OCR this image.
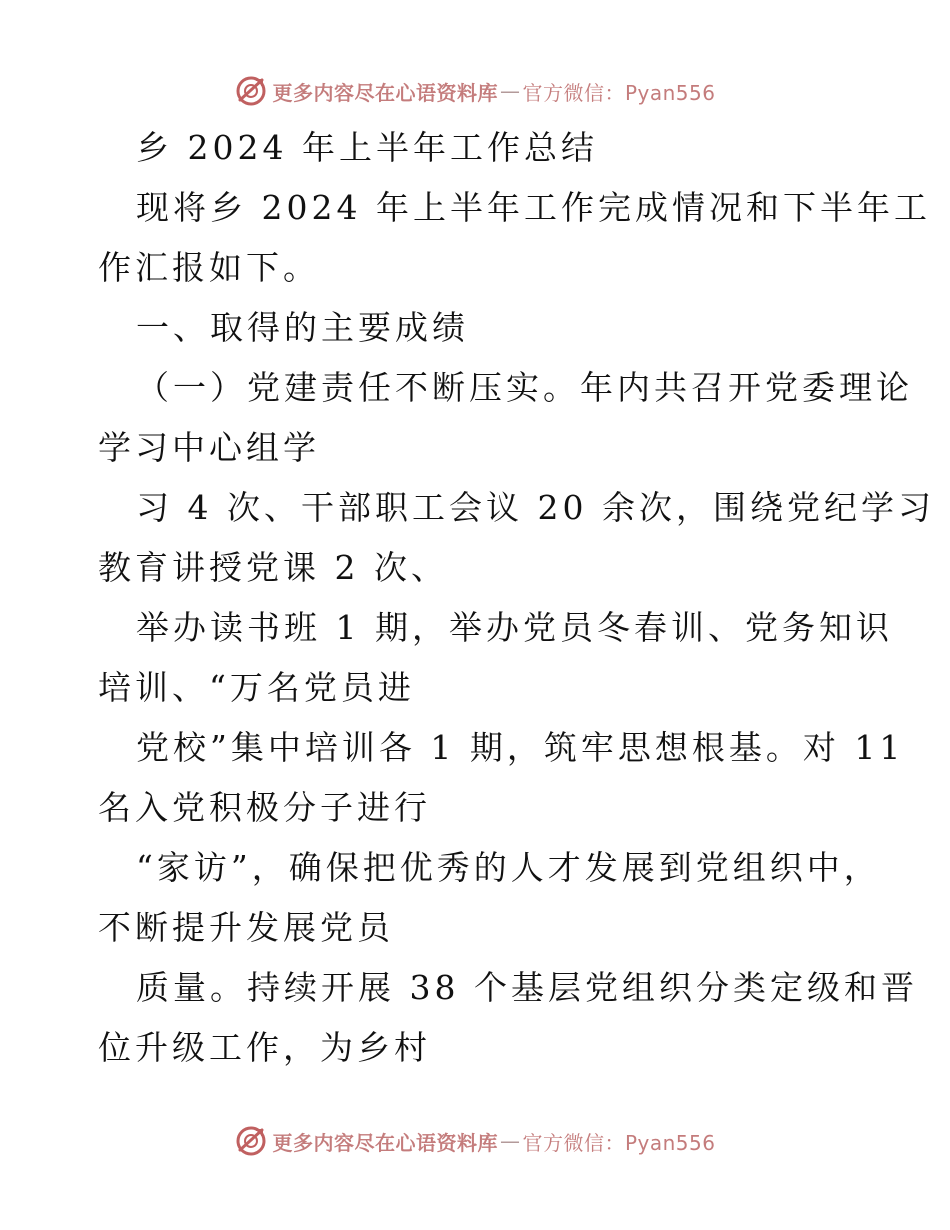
更多内容尽在心语资料库 — 官方微信：Pyan556
乡 2024 年上半年工作总结
现将乡 2024 年上半年工作完成情况和下半年工
作汇报如下。
一、取得的主要成绩
（一）党建责任不断压实。年内共召开党委理论
学习中心组学
习 4 次、干部职工会议 20 余次，围绕党纪学习
教育讲授党课 2 次、
举办读书班 1 期，举办党员冬春训、党务知识
培训、“万名党员进
党校”集中培训各 1 期，筑牢思想根基。对 11
名入党积极分子进行
“家访”，确保把优秀的人才发展到党组织中，
不断提升发展党员
质量。持续开展 38 个基层党组织分类定级和晋
位升级工作，为乡村
更多内容尽在心语资料库 — 官方微信：Pyan556
